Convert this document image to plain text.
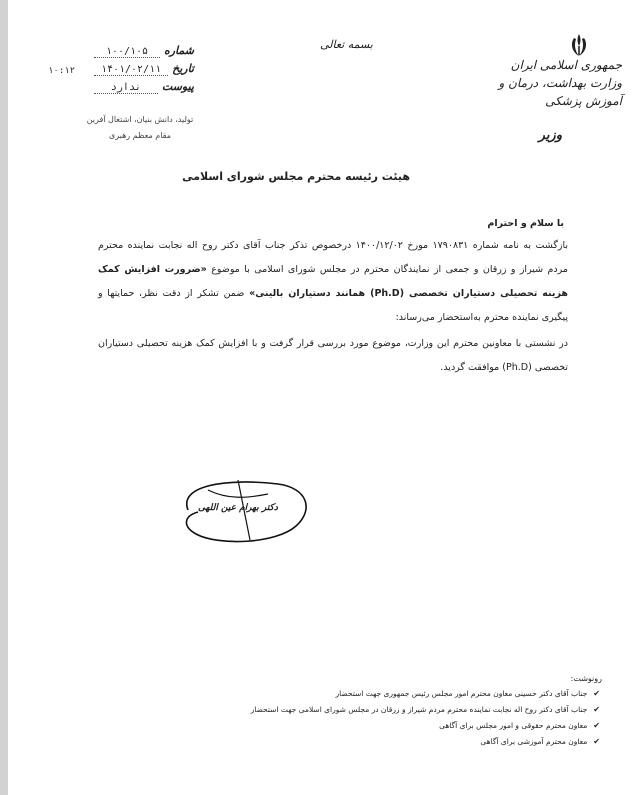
جمهوری اسلامی ایران
وزارت بهداشت، درمان و آموزش پزشکی
وزیر
بسمه تعالی
شماره
۱۰۰/۱۰۵
تاریخ
۱۴۰۱/۰۲/۱۱
پیوست
ندارد
۱۰:۱۲
تولید، دانش بنیان، اشتغال آفرین
مقام معظم رهبری
هیئت رئیسه محترم مجلس شورای اسلامی
با سلام و احترام
بازگشت به نامه شماره ۱۷۹۰۸۳۱ مورخ ۱۴۰۰/۱۲/۰۲ درخصوص تذکر جناب آقای دکتر روح اله نجابت نماینده محترم مردم شیراز و زرقان و جمعی از نمایندگان محترم در مجلس شورای اسلامی با موضوع «ضرورت افزایش کمک هزینه تحصیلی دستیاران تخصصی (Ph.D) همانند دستیاران بالینی» ضمن تشکر از دقت نظر، حمایتها و پیگیری نماینده محترم به‌استحضار می‌رساند:
در نشستی با معاونین محترم این وزارت، موضوع مورد بررسی قرار گرفت و با افزایش کمک هزینه تحصیلی دستیاران تخصصی (Ph.D) موافقت گردید.
دکتر بهرام عین اللهی
رونوشت:
✔
جناب آقای دکتر حسینی معاون محترم امور مجلس رئیس جمهوری جهت استحضار
✔
جناب آقای دکتر روح اله نجابت نماینده محترم مردم شیراز و زرقان در مجلس شورای اسلامی جهت استحضار
✔
معاون محترم حقوقی و امور مجلس برای آگاهی
✔
معاون محترم آموزشی برای آگاهی
